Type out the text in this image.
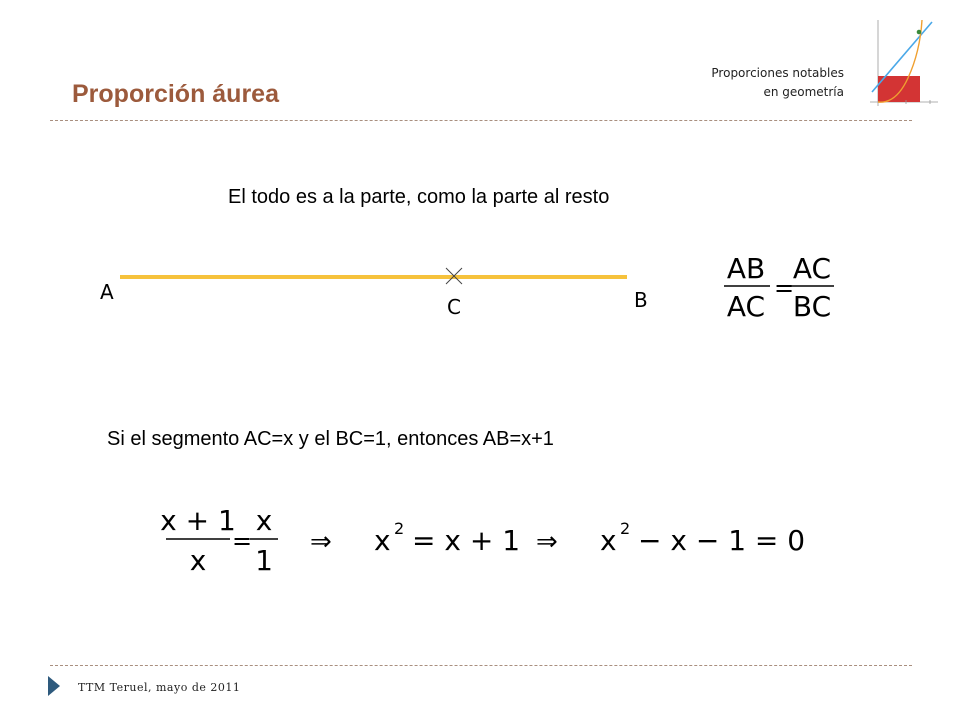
Proporción áurea
Proporciones notables
en geometría
El todo es a la parte, como la parte al resto
A
C	B
AB
AC
=
AC
BC
Si el segmento AC=x y el BC=1, entonces AB=x+1
x + 1
x
=
x
1
⇒ x 2 = x + 1 ⇒ x 2 − x − 1 = 0
TTM Teruel, mayo de 2011
